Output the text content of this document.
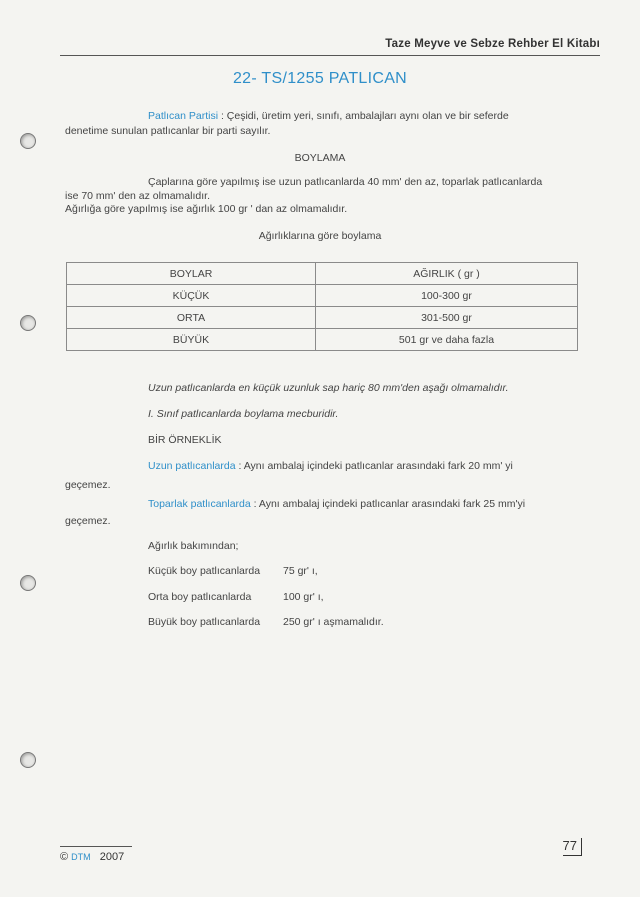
Taze Meyve ve Sebze Rehber El Kitabı
22- TS/1255 PATLICAN
Patlıcan Partisi : Çeşidi, üretim yeri, sınıfı, ambalajları aynı olan ve bir seferde
denetime sunulan patlıcanlar bir parti sayılır.
BOYLAMA
Çaplarına göre yapılmış ise uzun patlıcanlarda 40 mm' den az, toparlak patlıcanlarda
ise 70 mm' den az olmamalıdır.
Ağırlığa göre yapılmış ise ağırlık 100 gr ' dan az olmamalıdır.
Ağırlıklarına göre boylama
BOYLAR	AĞIRLIK ( gr )
KÜÇÜK	100-300 gr
ORTA	301-500 gr
BÜYÜK	501 gr ve daha fazla
Uzun patlıcanlarda en küçük uzunluk sap hariç 80 mm'den aşağı olmamalıdır.
I. Sınıf patlıcanlarda boylama mecburidir.
BİR ÖRNEKLİK
Uzun patlıcanlarda : Aynı ambalaj içindeki patlıcanlar arasındaki fark 20 mm' yi
geçemez.
Toparlak patlıcanlarda : Aynı ambalaj içindeki patlıcanlar arasındaki fark 25 mm'yi
geçemez.
Ağırlık bakımından;
Küçük boy patlıcanlarda 75 gr' ı,
Orta boy patlıcanlarda	100 gr' ı,
Büyük boy patlıcanlarda 250 gr' ı aşmamalıdır.
© DTM 2007
77
